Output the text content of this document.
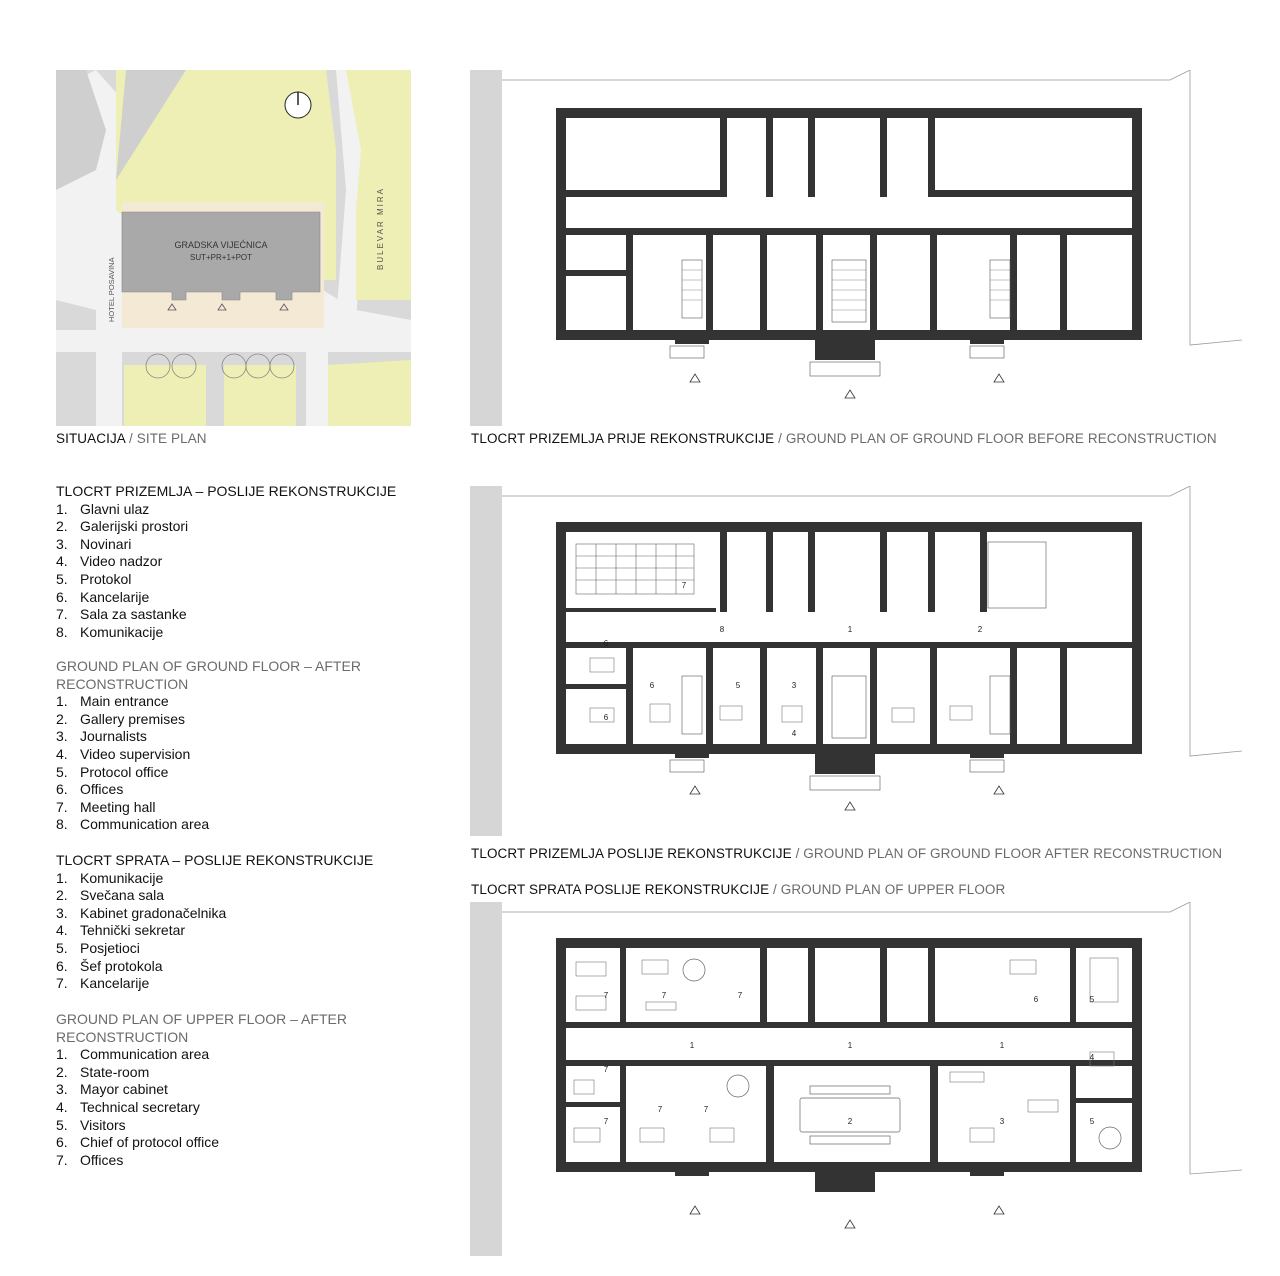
GRADSKA VIJEĆNICA
SUT+PR+1+POT	BULEVAR MIRA
HOTEL POSAVINA
SITUACIJA / SITE PLAN	TLOCRT PRIZEMLJA PRIJE REKONSTRUKCIJE / GROUND PLAN OF GROUND FLOOR BEFORE RECONSTRUCTION
1	2
3
4
5
6
6
6
7
8
TLOCRT PRIZEMLJA POSLIJE REKONSTRUKCIJE / GROUND PLAN OF GROUND FLOOR AFTER RECONSTRUCTION
TLOCRT SPRATA POSLIJE REKONSTRUKCIJE / GROUND PLAN OF UPPER FLOOR
1	1	1
2	3
4
5
5
6
7	7	7
7
7
7	7
TLOCRT PRIZEMLJA – POSLIJE REKONSTRUKCIJE
1. Glavni ulaz
2. Galerijski prostori
3. Novinari
4. Video nadzor
5. Protokol
6. Kancelarije
7. Sala za sastanke
8. Komunikacije
GROUND PLAN OF GROUND FLOOR – AFTER
RECONSTRUCTION
1. Main entrance
2. Gallery premises
3. Journalists
4. Video supervision
5. Protocol office
6. Offices
7. Meeting hall
8. Communication area
TLOCRT SPRATA – POSLIJE REKONSTRUKCIJE
1. Komunikacije
2. Svečana sala
3. Kabinet gradonačelnika
4. Tehnički sekretar
5. Posjetioci
6. Šef protokola
7. Kancelarije
GROUND PLAN OF UPPER FLOOR – AFTER
RECONSTRUCTION
1. Communication area
2. State-room
3. Mayor cabinet
4. Technical secretary
5. Visitors
6. Chief of protocol office
7. Offices
